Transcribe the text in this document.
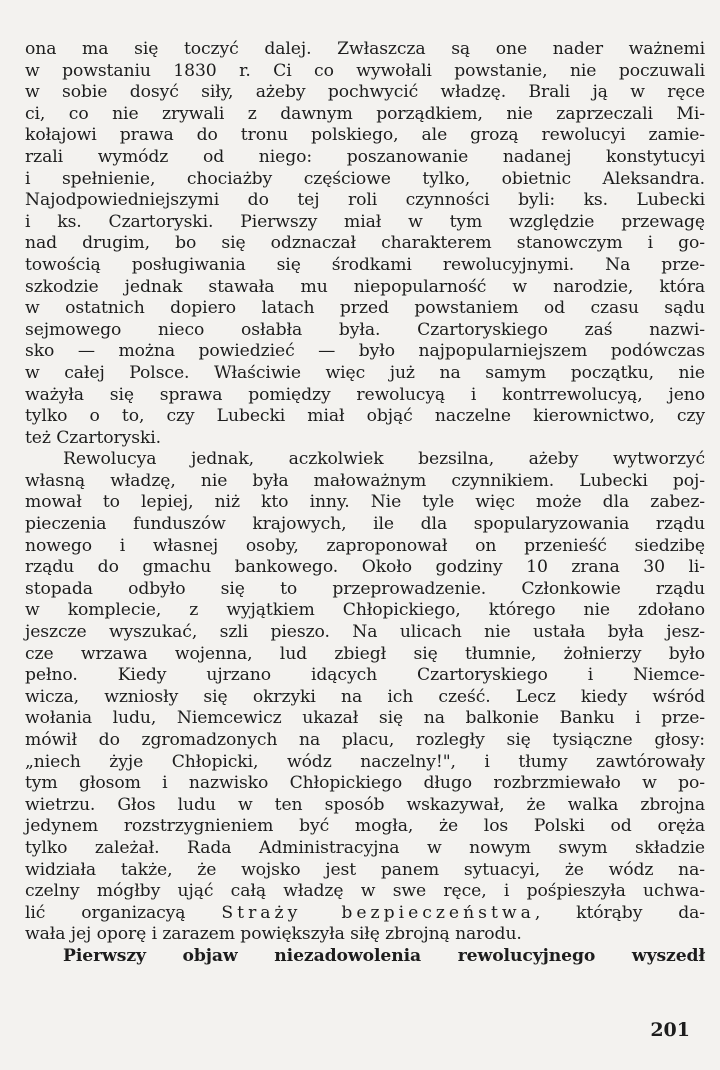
ona ma się toczyć dalej. Zwłaszcza są one nader ważnemi
w powstaniu 1830 r. Ci co wywołali powstanie, nie poczuwali
w sobie dosyć siły, ażeby pochwycić władzę. Brali ją w ręce
ci, co nie zrywali z dawnym porządkiem, nie zaprzeczali Mi-
kołajowi prawa do tronu polskiego, ale grozą rewolucyi zamie-
rzali wymódz od niego: poszanowanie nadanej konstytucyi
i spełnienie, chociażby częściowe tylko, obietnic Aleksandra.
Najodpowiedniejszymi do tej roli czynności byli: ks. Lubecki
i ks. Czartoryski. Pierwszy miał w tym względzie przewagę
nad drugim, bo się odznaczał charakterem stanowczym i go-
towością posługiwania się środkami rewolucyjnymi. Na prze-
szkodzie jednak stawała mu niepopularność w narodzie, która
w ostatnich dopiero latach przed powstaniem od czasu sądu
sejmowego nieco osłabła była. Czartoryskiego zaś nazwi-
sko — można powiedzieć — było najpopularniejszem podówczas
w całej Polsce. Właściwie więc już na samym początku, nie
ważyła się sprawa pomiędzy rewolucyą i kontrrewolucyą, jeno
tylko o to, czy Lubecki miał objąć naczelne kierownictwo, czy
też Czartoryski.
Rewolucya jednak, aczkolwiek bezsilna, ażeby wytworzyć
własną władzę, nie była małoważnym czynnikiem. Lubecki poj-
mował to lepiej, niż kto inny. Nie tyle więc może dla zabez-
pieczenia funduszów krajowych, ile dla spopularyzowania rządu
nowego i własnej osoby, zaproponował on przenieść siedzibę
rządu do gmachu bankowego. Około godziny 10 zrana 30 li-
stopada odbyło się to przeprowadzenie. Członkowie rządu
w komplecie, z wyjątkiem Chłopickiego, którego nie zdołano
jeszcze wyszukać, szli pieszo. Na ulicach nie ustała była jesz-
cze wrzawa wojenna, lud zbiegł się tłumnie, żołnierzy było
pełno. Kiedy ujrzano idących Czartoryskiego i Niemce-
wicza, wzniosły się okrzyki na ich cześć. Lecz kiedy wśród
wołania ludu, Niemcewicz ukazał się na balkonie Banku i prze-
mówił do zgromadzonych na placu, rozległy się tysiączne głosy:
„niech żyje Chłopicki, wódz naczelny!", i tłumy zawtórowały
tym głosom i nazwisko Chłopickiego długo rozbrzmiewało w po-
wietrzu. Głos ludu w ten sposób wskazywał, że walka zbrojna
jedynem rozstrzygnieniem być mogła, że los Polski od oręża
tylko zależał. Rada Administracyjna w nowym swym składzie
widziała także, że wojsko jest panem sytuacyi, że wódz na-
czelny mógłby ująć całą władzę w swe ręce, i pośpieszyła uchwa-
lić organizacyą Straży bezpieczeństwa, którąby da-
wała jej oporę i zarazem powiększyła siłę zbrojną narodu.
Pierwszy objaw niezadowolenia rewolucyjnego wyszedł
201
